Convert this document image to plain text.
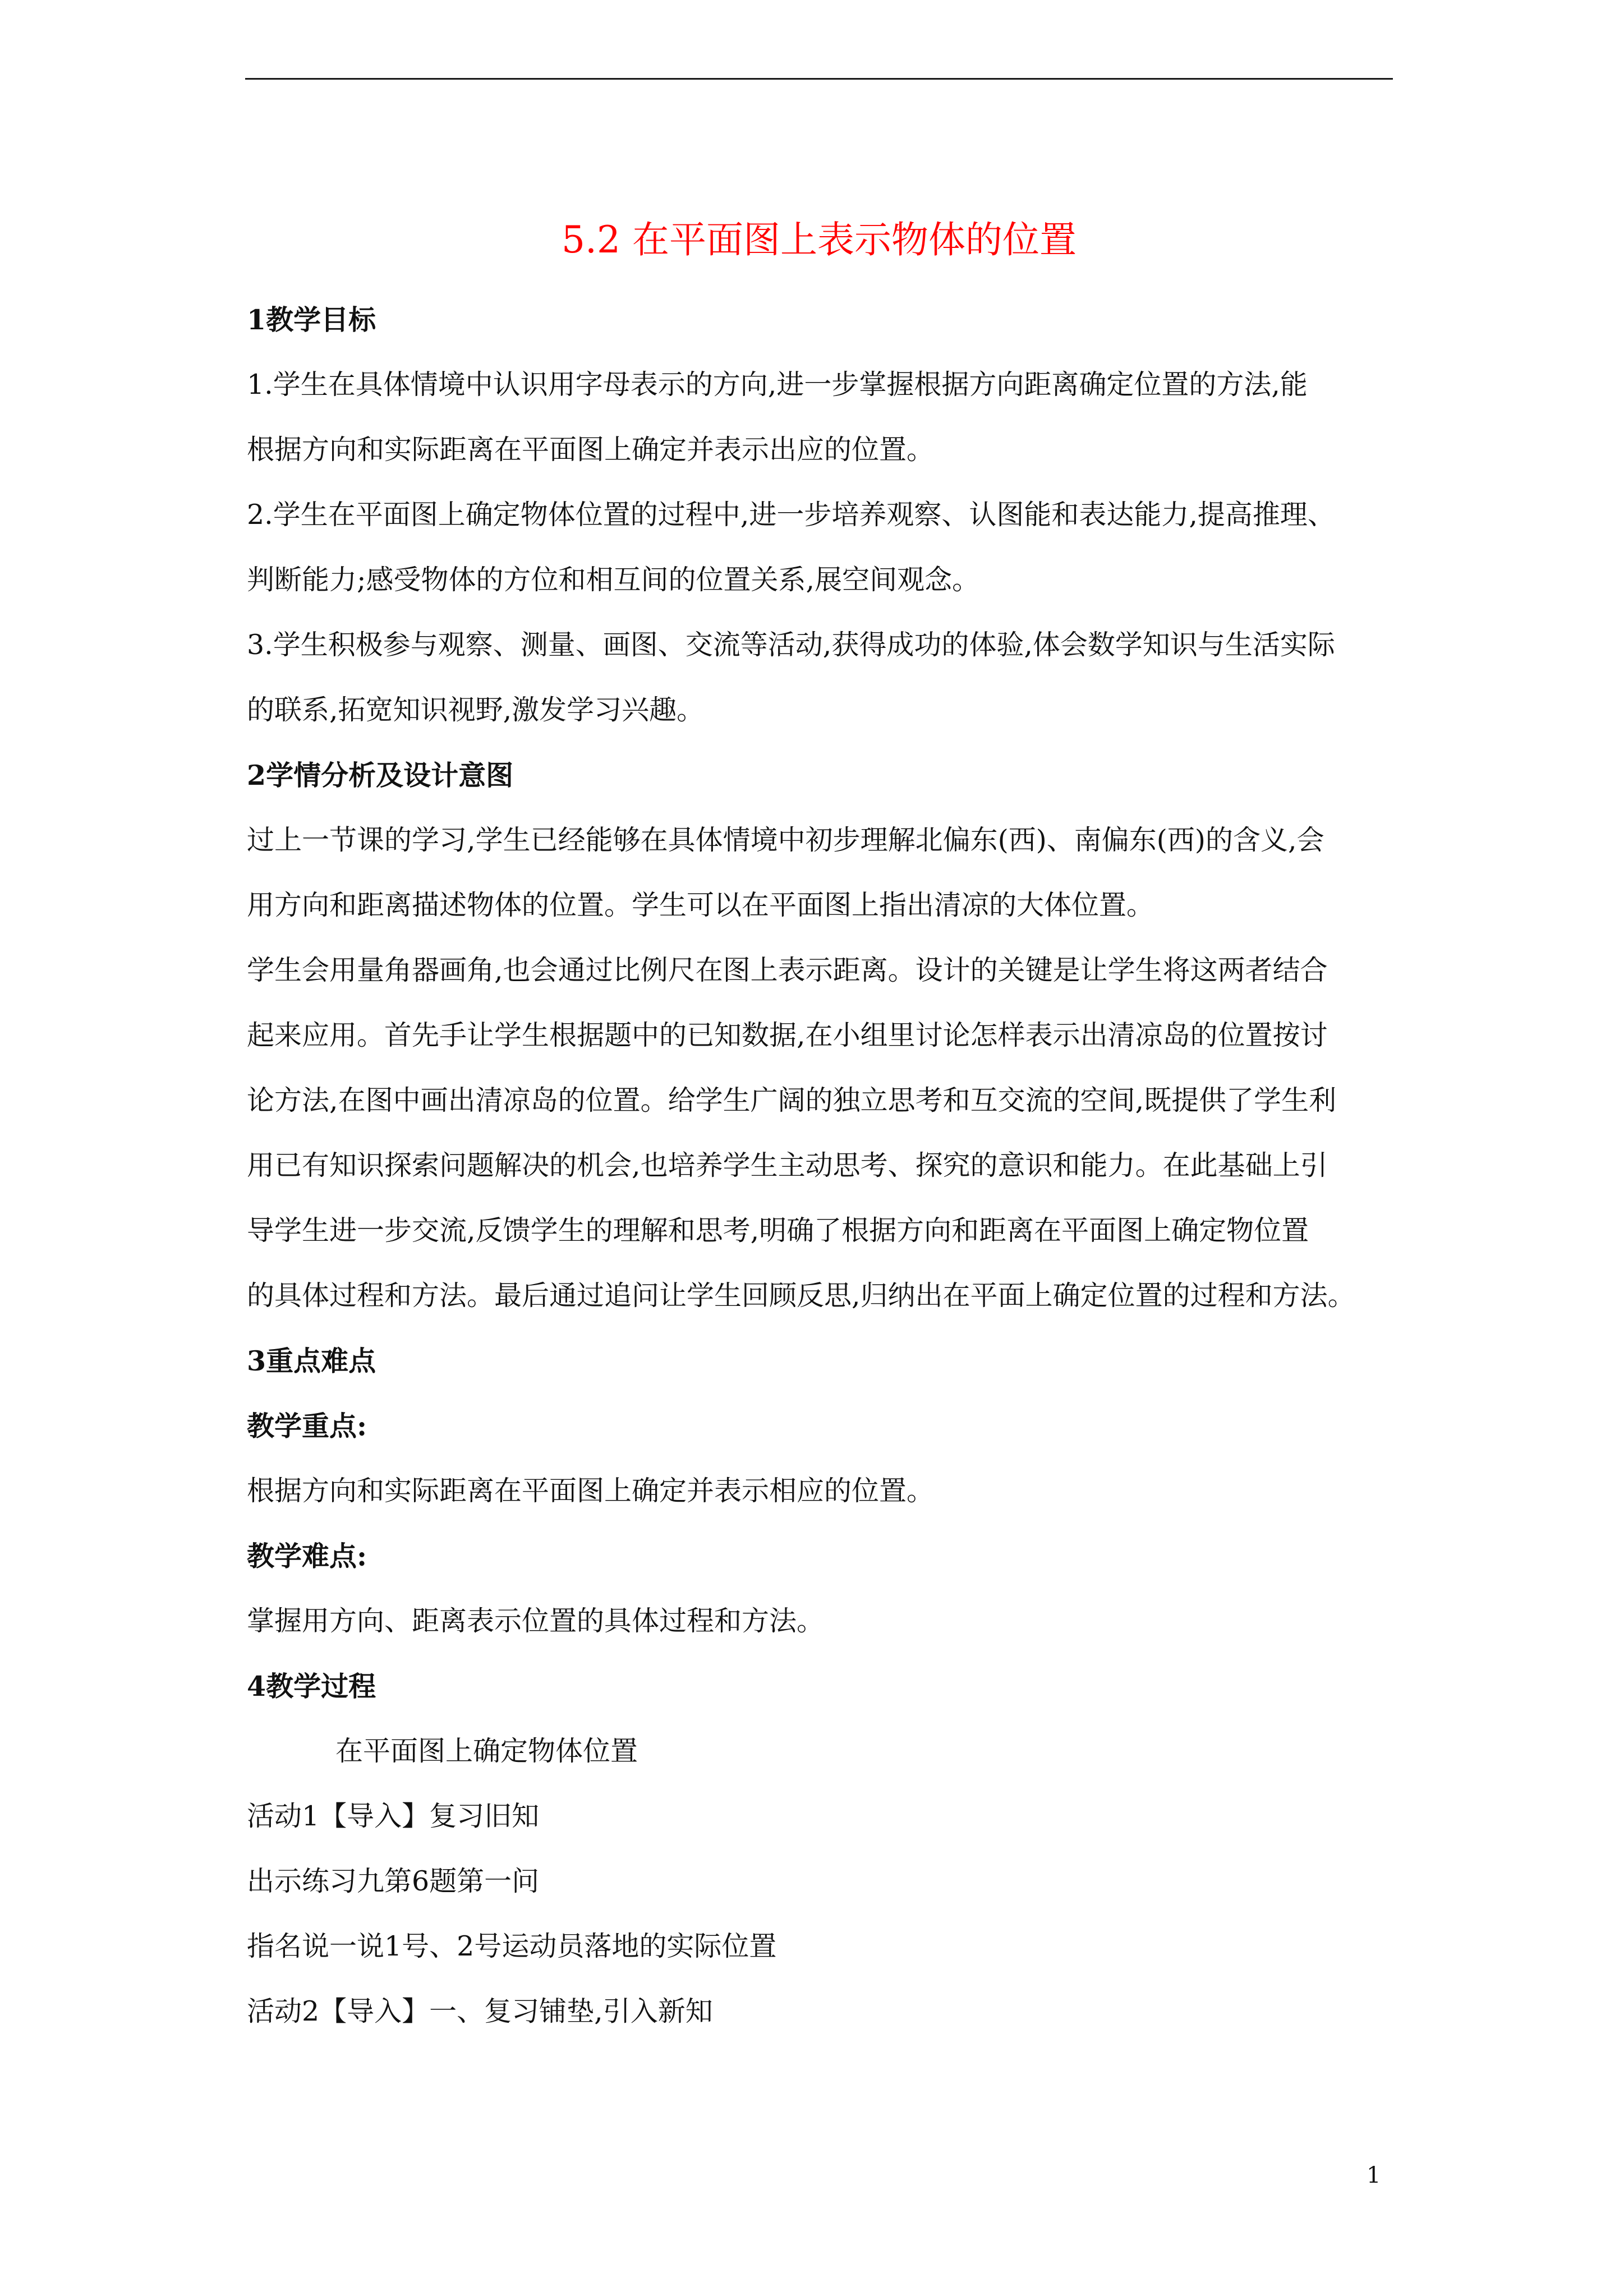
5.2 在平面图上表示物体的位置

1教学目标

1.学生在具体情境中认识用字母表示的方向,进一步掌握根据方向距离确定位置的方法,能

根据方向和实际距离在平面图上确定并表示出应的位置。

2.学生在平面图上确定物体位置的过程中,进一步培养观察、认图能和表达能力,提高推理、

判断能力;感受物体的方位和相互间的位置关系,展空间观念。

3.学生积极参与观察、测量、画图、交流等活动,获得成功的体验,体会数学知识与生活实际

的联系,拓宽知识视野,激发学习兴趣。

2学情分析及设计意图

过上一节课的学习,学生已经能够在具体情境中初步理解北偏东(西)、南偏东(西)的含义,会

用方向和距离描述物体的位置。学生可以在平面图上指出清凉的大体位置。

学生会用量角器画角,也会通过比例尺在图上表示距离。设计的关键是让学生将这两者结合

起来应用。首先手让学生根据题中的已知数据,在小组里讨论怎样表示出清凉岛的位置按讨

论方法,在图中画出清凉岛的位置。给学生广阔的独立思考和互交流的空间,既提供了学生利

用已有知识探索问题解决的机会,也培养学生主动思考、探究的意识和能力。在此基础上引

导学生进一步交流,反馈学生的理解和思考,明确了根据方向和距离在平面图上确定物位置

的具体过程和方法。最后通过追问让学生回顾反思,归纳出在平面上确定位置的过程和方法。

3重点难点

教学重点:

根据方向和实际距离在平面图上确定并表示相应的位置。

教学难点:

掌握用方向、距离表示位置的具体过程和方法。

4教学过程

在平面图上确定物体位置

活动1【导入】复习旧知

出示练习九第6题第一问

指名说一说1号、2号运动员落地的实际位置

活动2【导入】一、复习铺垫,引入新知

1
